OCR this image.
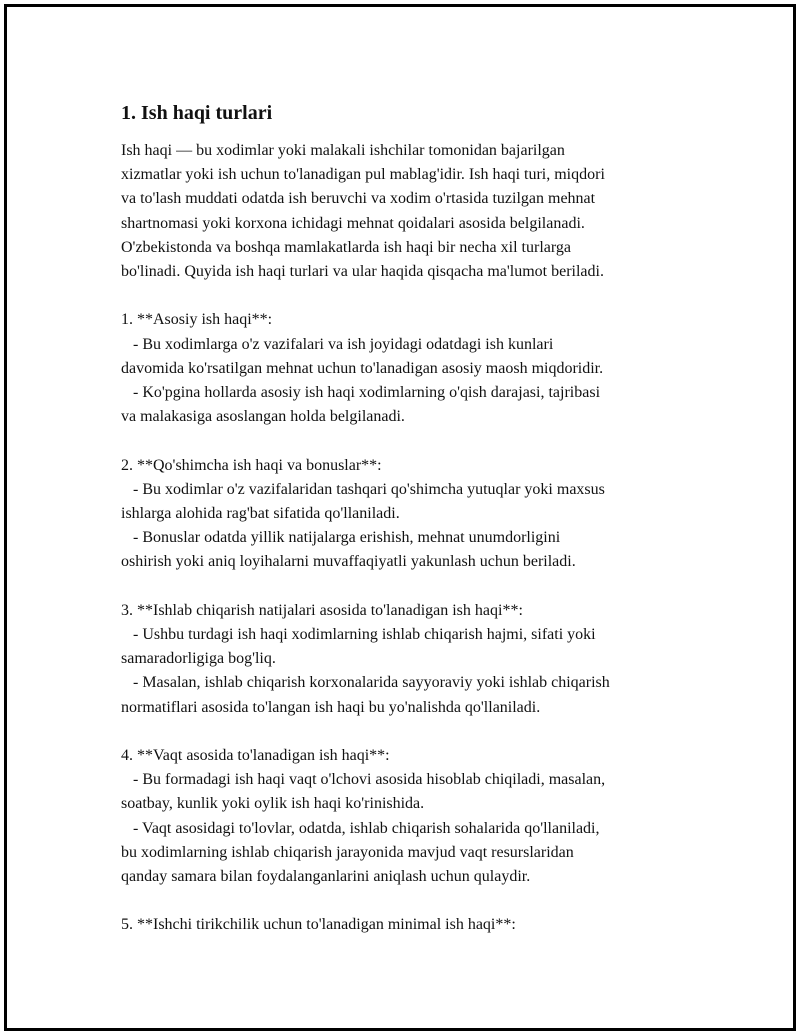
1. Ish haqi turlari

Ish haqi — bu xodimlar yoki malakali ishchilar tomonidan bajarilgan
xizmatlar yoki ish uchun to'lanadigan pul mablag'idir. Ish haqi turi, miqdori
va to'lash muddati odatda ish beruvchi va xodim o'rtasida tuzilgan mehnat
shartnomasi yoki korxona ichidagi mehnat qoidalari asosida belgilanadi.
O'zbekistonda va boshqa mamlakatlarda ish haqi bir necha xil turlarga
bo'linadi. Quyida ish haqi turlari va ular haqida qisqacha ma'lumot beriladi.

1. **Asosiy ish haqi**:

- Bu xodimlarga o'z vazifalari va ish joyidagi odatdagi ish kunlari
davomida ko'rsatilgan mehnat uchun to'lanadigan asosiy maosh miqdoridir.

- Ko'pgina hollarda asosiy ish haqi xodimlarning o'qish darajasi, tajribasi
va malakasiga asoslangan holda belgilanadi.

2. **Qo'shimcha ish haqi va bonuslar**:

- Bu xodimlar o'z vazifalaridan tashqari qo'shimcha yutuqlar yoki maxsus
ishlarga alohida rag'bat sifatida qo'llaniladi.

- Bonuslar odatda yillik natijalarga erishish, mehnat unumdorligini
oshirish yoki aniq loyihalarni muvaffaqiyatli yakunlash uchun beriladi.

3. **Ishlab chiqarish natijalari asosida to'lanadigan ish haqi**:

- Ushbu turdagi ish haqi xodimlarning ishlab chiqarish hajmi, sifati yoki
samaradorligiga bog'liq.

- Masalan, ishlab chiqarish korxonalarida sayyoraviy yoki ishlab chiqarish
normatiflari asosida to'langan ish haqi bu yo'nalishda qo'llaniladi.

4. **Vaqt asosida to'lanadigan ish haqi**:

- Bu formadagi ish haqi vaqt o'lchovi asosida hisoblab chiqiladi, masalan,
soatbay, kunlik yoki oylik ish haqi ko'rinishida.

- Vaqt asosidagi to'lovlar, odatda, ishlab chiqarish sohalarida qo'llaniladi,
bu xodimlarning ishlab chiqarish jarayonida mavjud vaqt resurslaridan
qanday samara bilan foydalanganlarini aniqlash uchun qulaydir.

5. **Ishchi tirikchilik uchun to'lanadigan minimal ish haqi**:
